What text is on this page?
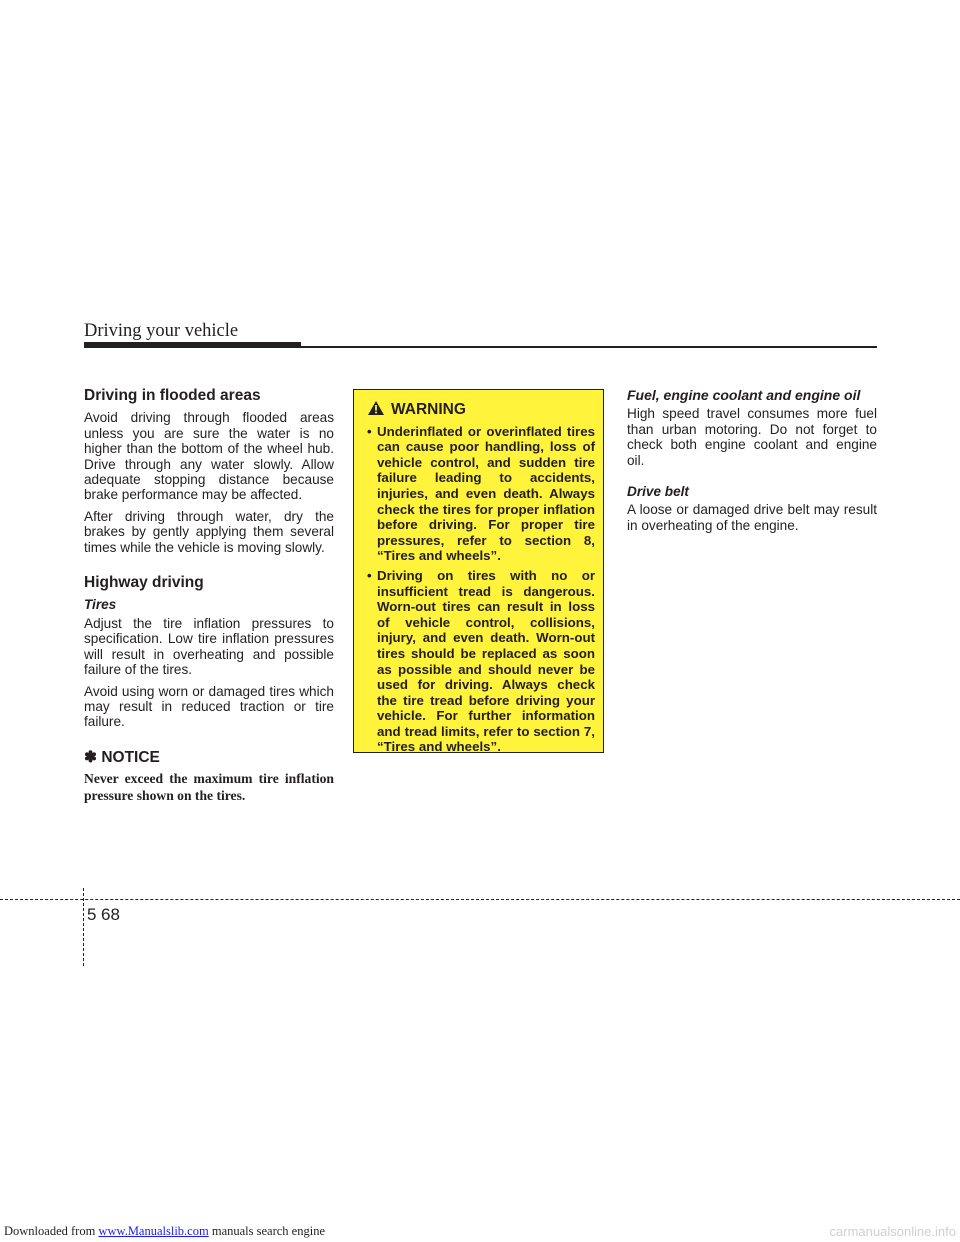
Driving your vehicle
Driving in flooded areas

Avoid driving through flooded areas unless you are sure the water is no higher than the bottom of the wheel hub. Drive through any water slowly. Allow adequate stopping distance because brake performance may be affected.

After driving through water, dry the brakes by gently applying them several times while the vehicle is moving slowly.

Highway driving
Tires

Adjust the tire inflation pressures to specification. Low tire inflation pressures will result in overheating and possible failure of the tires.

Avoid using worn or damaged tires which may result in reduced traction or tire failure.

✽ NOTICE

Never exceed the maximum tire inflation pressure shown on the tires.

WARNING
• Underinflated or overinflated tires can cause poor handling, loss of vehicle control, and sudden tire failure leading to accidents, injuries, and even death. Always check the tires for proper inflation before driving. For proper tire pressures, refer to section 8, “Tires and wheels”.
• Driving on tires with no or insufficient tread is dangerous. Worn-out tires can result in loss of vehicle control, collisions, injury, and even death. Worn-out tires should be replaced as soon as possible and should never be used for driving. Always check the tire tread before driving your vehicle. For further information and tread limits, refer to section 7, “Tires and wheels”.
Fuel, engine coolant and engine oil

High speed travel consumes more fuel than urban motoring. Do not forget to check both engine coolant and engine oil.

Drive belt

A loose or damaged drive belt may result in overheating of the engine.

5 68
Downloaded from www.Manualslib.com manuals search engine	carmanualsonline.info
